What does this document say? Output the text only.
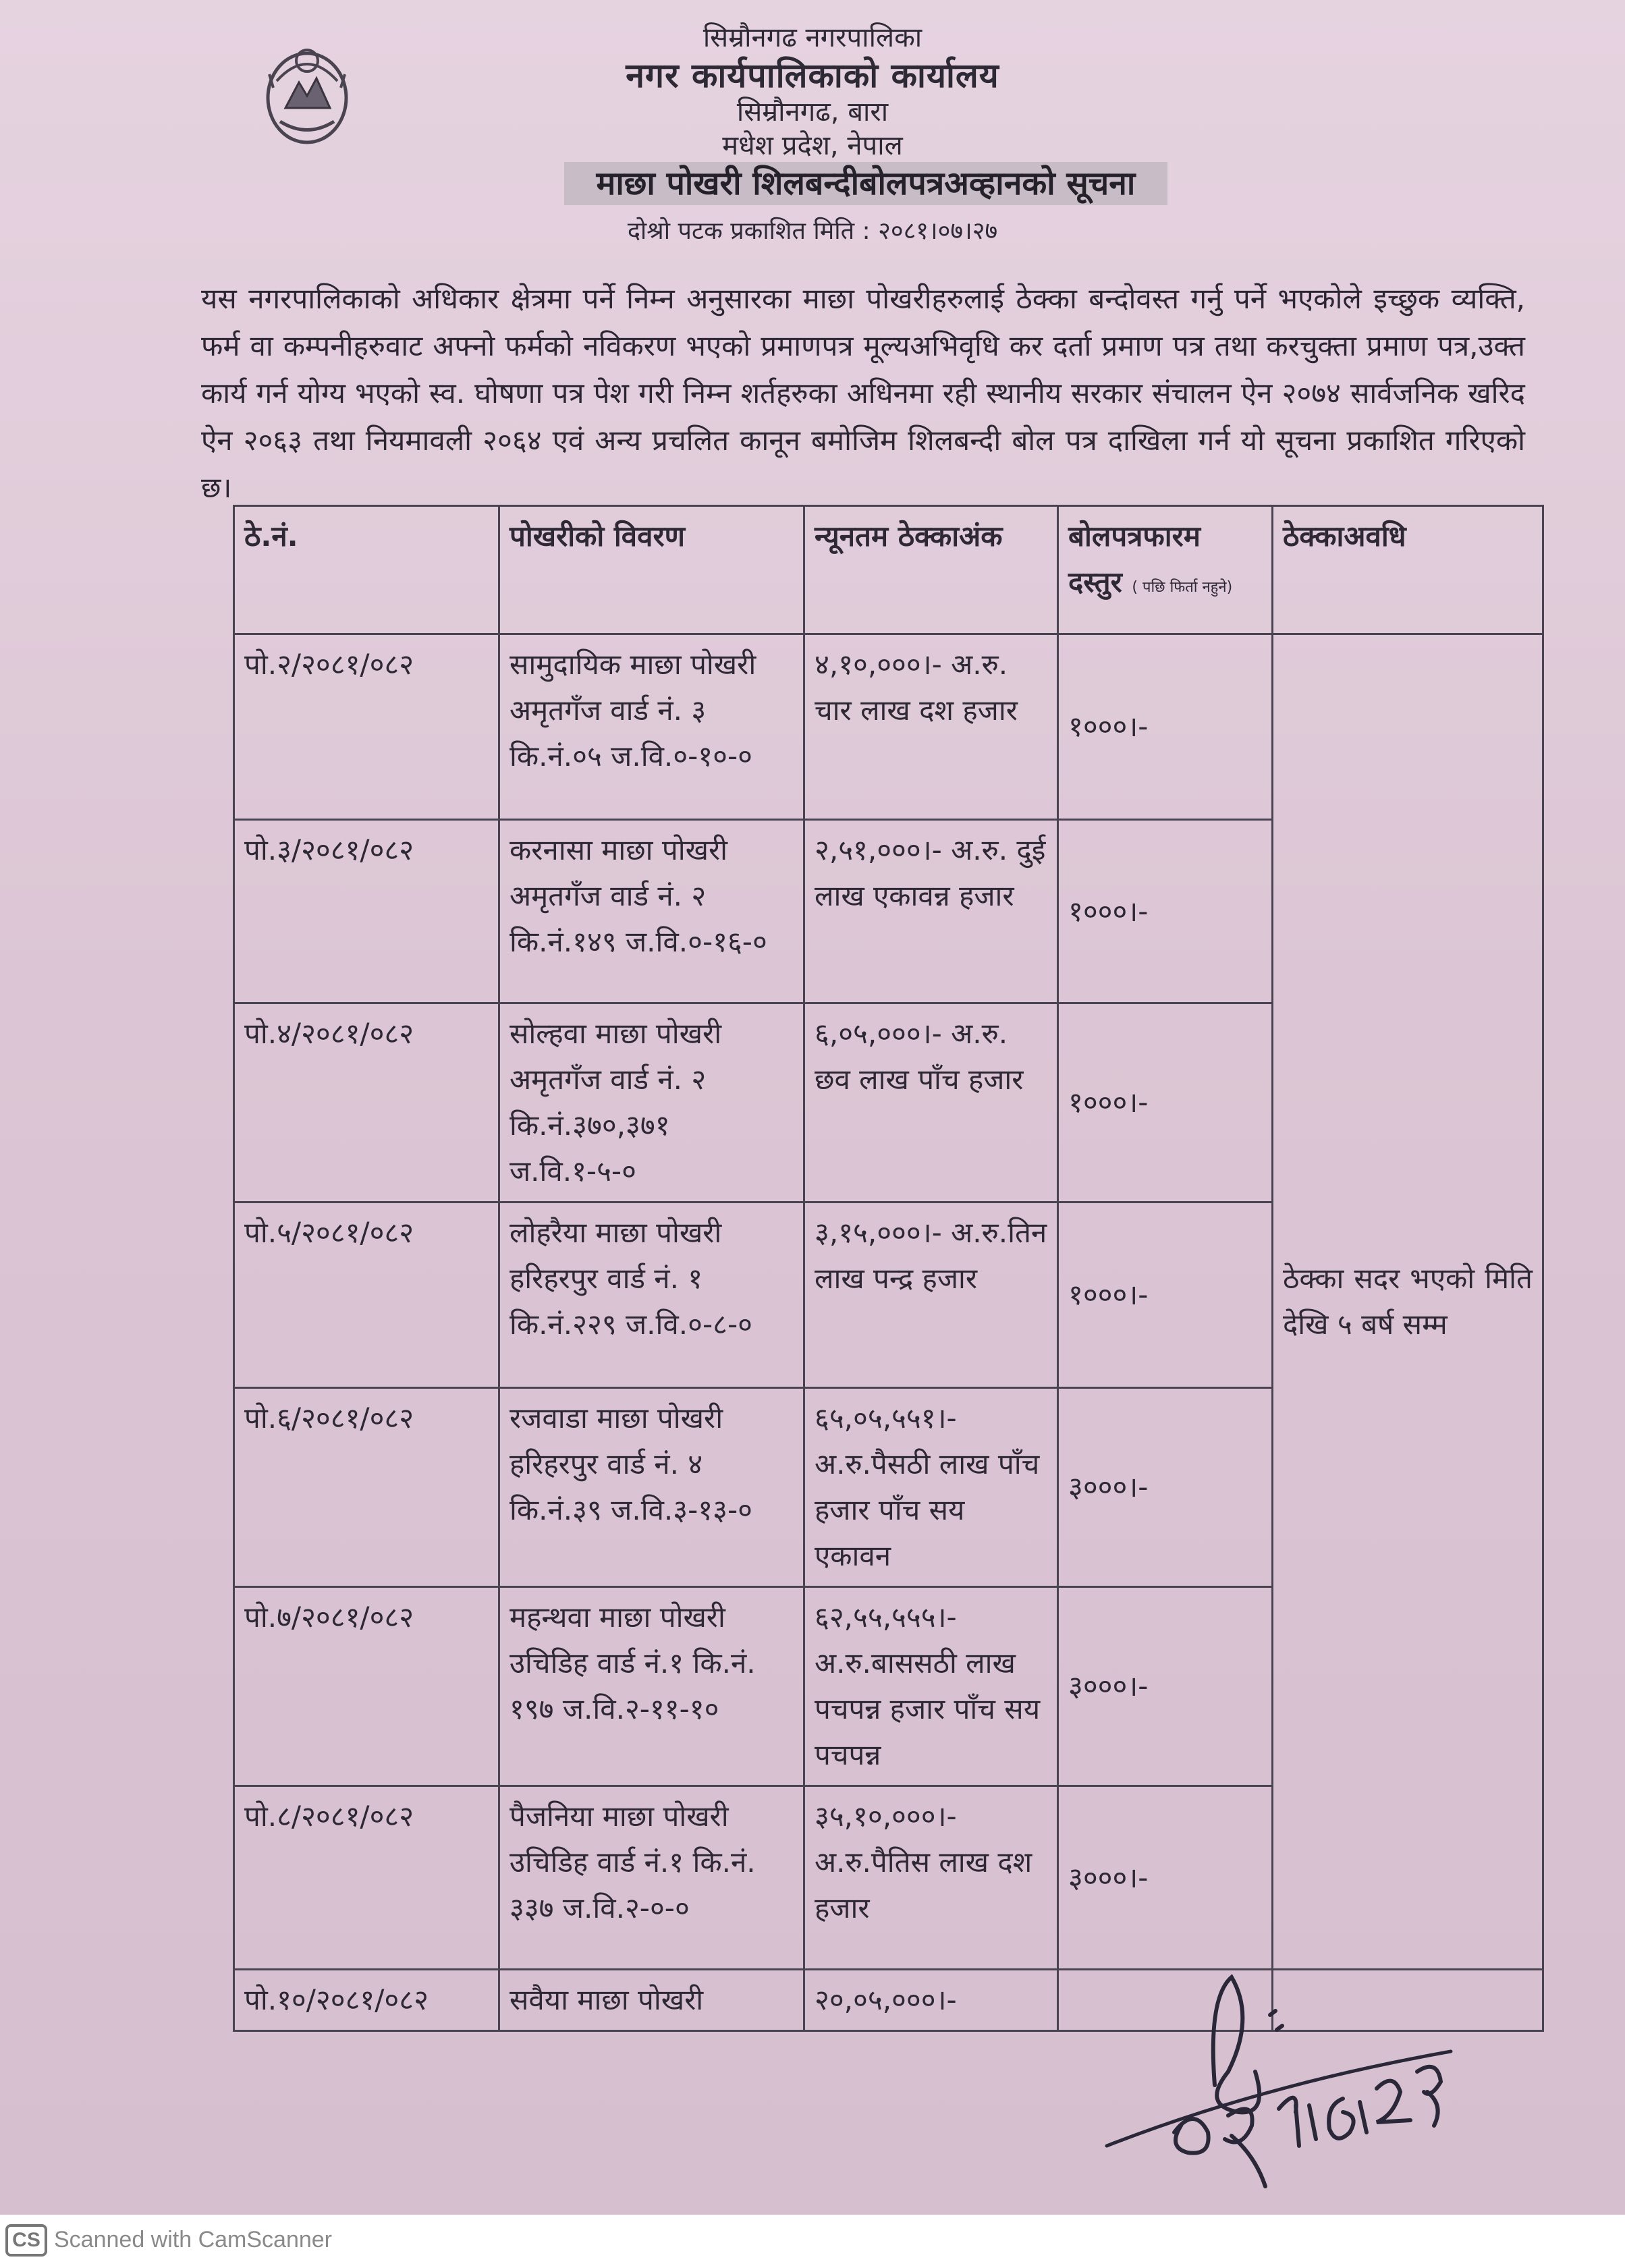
सिम्रौनगढ नगरपालिका
नगर कार्यपालिकाको कार्यालय
सिम्रौनगढ, बारा
मधेश प्रदेश, नेपाल
माछा पोखरी शिलबन्दीबोलपत्रअव्हानको सूचना
दोश्रो पटक प्रकाशित मिति : २०८१।०७।२७
यस नगरपालिकाको अधिकार क्षेत्रमा पर्ने निम्न अनुसारका माछा पोखरीहरुलाई ठेक्का बन्दोवस्त गर्नु पर्ने भएकोले इच्छुक व्यक्ति, फर्म वा कम्पनीहरुवाट अफ्नो फर्मको नविकरण भएको प्रमाणपत्र मूल्यअभिवृधि कर दर्ता प्रमाण पत्र तथा करचुक्ता प्रमाण पत्र,उक्त कार्य गर्न योग्य भएको स्व. घोषणा पत्र पेश गरी निम्न शर्तहरुका अधिनमा रही स्थानीय सरकार संचालन ऐन २०७४ सार्वजनिक खरिद ऐन २०६३ तथा नियमावली २०६४ एवं अन्य प्रचलित कानून बमोजिम शिलबन्दी बोल पत्र दाखिला गर्न यो सूचना प्रकाशित गरिएको छ।
ठे.नं.	पोखरीको विवरण	न्यूनतम ठेक्काअंक	बोलपत्रफारम दस्तुर ( पछि फिर्ता नहुने)	ठेक्काअवधि
पो.२/२०८१/०८२	सामुदायिक माछा पोखरी अमृतगँज वार्ड नं. ३ कि.नं.०५ ज.वि.०-१०-०	४,१०,०००।- अ.रु. चार लाख दश हजार	१०००।-	ठेक्का सदर भएको मिति देखि ५ बर्ष सम्म
पो.३/२०८१/०८२	करनासा माछा पोखरी अमृतगँज वार्ड नं. २ कि.नं.१४९ ज.वि.०-१६-०	२,५१,०००।- अ.रु. दुई लाख एकावन्न हजार	१०००।-	
पो.४/२०८१/०८२	सोल्हवा माछा पोखरी अमृतगँज वार्ड नं. २ कि.नं.३७०,३७१ ज.वि.१-५-०	६,०५,०००।- अ.रु. छव लाख पाँच हजार	१०००।-	
पो.५/२०८१/०८२	लोहरैया माछा पोखरी हरिहरपुर वार्ड नं. १ कि.नं.२२९ ज.वि.०-८-०	३,१५,०००।- अ.रु.तिन लाख पन्द्र हजार	१०००।-	
पो.६/२०८१/०८२	रजवाडा माछा पोखरी हरिहरपुर वार्ड नं. ४ कि.नं.३९ ज.वि.३-१३-०	६५,०५,५५१।- अ.रु.पैसठी लाख पाँच हजार पाँच सय एकावन	३०००।-	
पो.७/२०८१/०८२	महन्थवा माछा पोखरी उचिडिह वार्ड नं.१ कि.नं. १९७ ज.वि.२-११-१०	६२,५५,५५५।- अ.रु.बाससठी लाख पचपन्न हजार पाँच सय पचपन्न	३०००।-	
पो.८/२०८१/०८२	पैजनिया माछा पोखरी उचिडिह वार्ड नं.१ कि.नं. ३३७ ज.वि.२-०-०	३५,१०,०००।- अ.रु.पैतिस लाख दश हजार	३०००।-	
पो.१०/२०८१/०८२	सवैया माछा पोखरी	२०,०५,०००।-		
CS Scanned with CamScanner
